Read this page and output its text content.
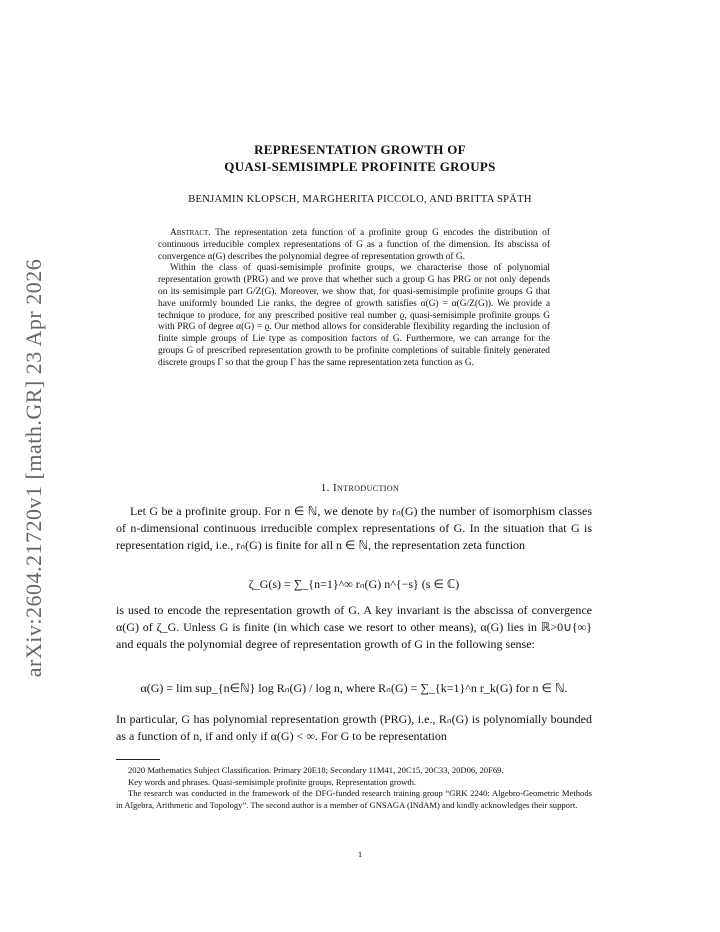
arXiv:2604.21720v1 [math.GR] 23 Apr 2026
REPRESENTATION GROWTH OF
QUASI-SEMISIMPLE PROFINITE GROUPS
BENJAMIN KLOPSCH, MARGHERITA PICCOLO, AND BRITTA SPÄTH

Abstract. The representation zeta function of a profinite group G encodes the distribution of continuous irreducible complex representations of G as a function of the dimension. Its abscissa of convergence α(G) describes the polynomial degree of representation growth of G.

Within the class of quasi-semisimple profinite groups, we characterise those of polynomial representation growth (PRG) and we prove that whether such a group G has PRG or not only depends on its semisimple part G/Z(G). Moreover, we show that, for quasi-semisimple profinite groups G that have uniformly bounded Lie ranks, the degree of growth satisfies α(G) = α(G/Z(G)). We provide a technique to produce, for any prescribed positive real number ϱ, quasi-semisimple profinite groups G with PRG of degree α(G) = ϱ. Our method allows for considerable flexibility regarding the inclusion of finite simple groups of Lie type as composition factors of G. Furthermore, we can arrange for the groups G of prescribed representation growth to be profinite completions of suitable finitely generated discrete groups Γ so that the group Γ has the same representation zeta function as G.

1. Introduction

Let G be a profinite group. For n ∈ ℕ, we denote by rₙ(G) the number of isomorphism classes of n-dimensional continuous irreducible complex representations of G. In the situation that G is representation rigid, i.e., rₙ(G) is finite for all n ∈ ℕ, the representation zeta function

ζ_G(s) = ∑_{n=1}^∞ rₙ(G) n^{−s} (s ∈ ℂ)

is used to encode the representation growth of G. A key invariant is the abscissa of convergence α(G) of ζ_G. Unless G is finite (in which case we resort to other means), α(G) lies in ℝ>0∪{∞} and equals the polynomial degree of representation growth of G in the following sense:

α(G) = lim sup_{n∈ℕ} log Rₙ(G) / log n, where Rₙ(G) = ∑_{k=1}^n r_k(G) for n ∈ ℕ.

In particular, G has polynomial representation growth (PRG), i.e., Rₙ(G) is polynomially bounded as a function of n, if and only if α(G) < ∞. For G to be representation

2020 Mathematics Subject Classification. Primary 20E18; Secondary 11M41, 20C15, 20C33, 20D06, 20F69.

Key words and phrases. Quasi-semisimple profinite groups, Representation growth.

The research was conducted in the framework of the DFG-funded research training group “GRK 2240: Algebro-Geometric Methods in Algebra, Arithmetic and Topology”. The second author is a member of GNSAGA (INdAM) and kindly acknowledges their support.

1
